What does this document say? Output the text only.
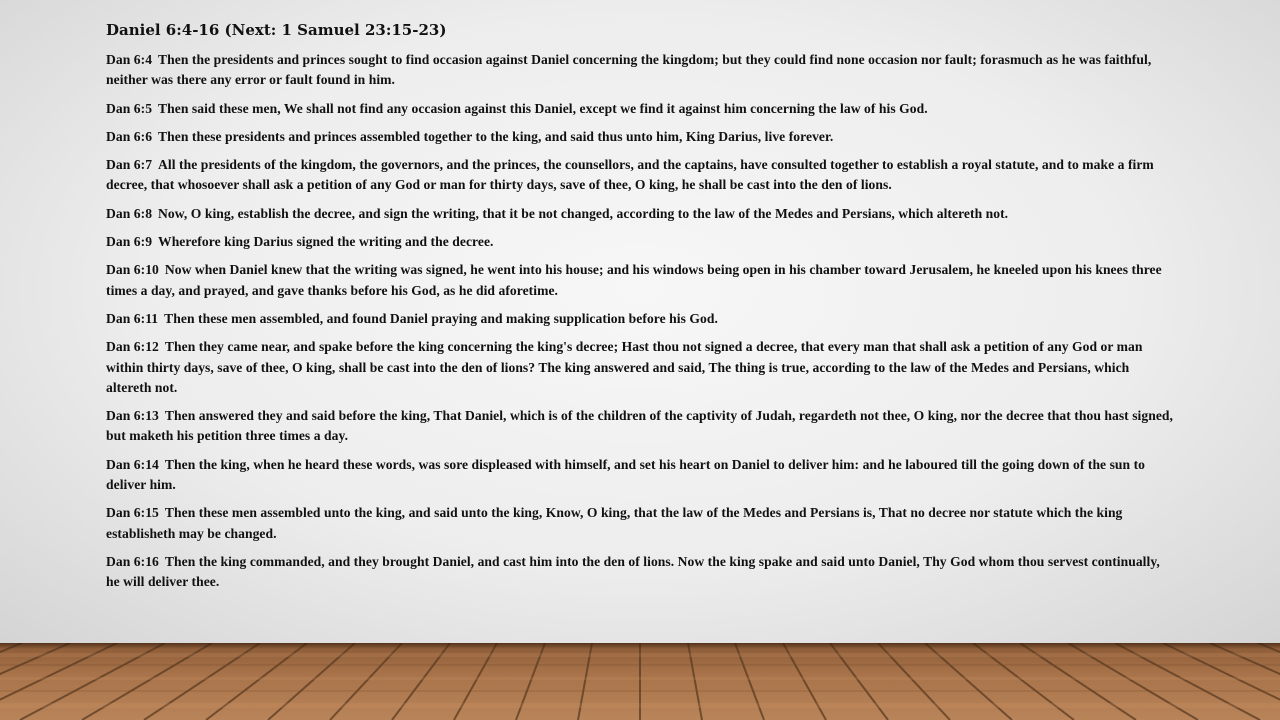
Daniel 6:4-16 (Next: 1 Samuel 23:15-23)
Dan 6:4 Then the presidents and princes sought to find occasion against Daniel concerning the kingdom; but they could find none occasion nor fault; forasmuch as he was faithful, neither was there any error or fault found in him.
Dan 6:5 Then said these men, We shall not find any occasion against this Daniel, except we find it against him concerning the law of his God.
Dan 6:6 Then these presidents and princes assembled together to the king, and said thus unto him, King Darius, live forever.
Dan 6:7 All the presidents of the kingdom, the governors, and the princes, the counsellors, and the captains, have consulted together to establish a royal statute, and to make a firm decree, that whosoever shall ask a petition of any God or man for thirty days, save of thee, O king, he shall be cast into the den of lions.
Dan 6:8 Now, O king, establish the decree, and sign the writing, that it be not changed, according to the law of the Medes and Persians, which altereth not.
Dan 6:9 Wherefore king Darius signed the writing and the decree.
Dan 6:10 Now when Daniel knew that the writing was signed, he went into his house; and his windows being open in his chamber toward Jerusalem, he kneeled upon his knees three times a day, and prayed, and gave thanks before his God, as he did aforetime.
Dan 6:11 Then these men assembled, and found Daniel praying and making supplication before his God.
Dan 6:12 Then they came near, and spake before the king concerning the king's decree; Hast thou not signed a decree, that every man that shall ask a petition of any God or man within thirty days, save of thee, O king, shall be cast into the den of lions? The king answered and said, The thing is true, according to the law of the Medes and Persians, which altereth not.
Dan 6:13 Then answered they and said before the king, That Daniel, which is of the children of the captivity of Judah, regardeth not thee, O king, nor the decree that thou hast signed, but maketh his petition three times a day.
Dan 6:14 Then the king, when he heard these words, was sore displeased with himself, and set his heart on Daniel to deliver him: and he laboured till the going down of the sun to deliver him.
Dan 6:15 Then these men assembled unto the king, and said unto the king, Know, O king, that the law of the Medes and Persians is, That no decree nor statute which the king establisheth may be changed.
Dan 6:16 Then the king commanded, and they brought Daniel, and cast him into the den of lions. Now the king spake and said unto Daniel, Thy God whom thou servest continually, he will deliver thee.
